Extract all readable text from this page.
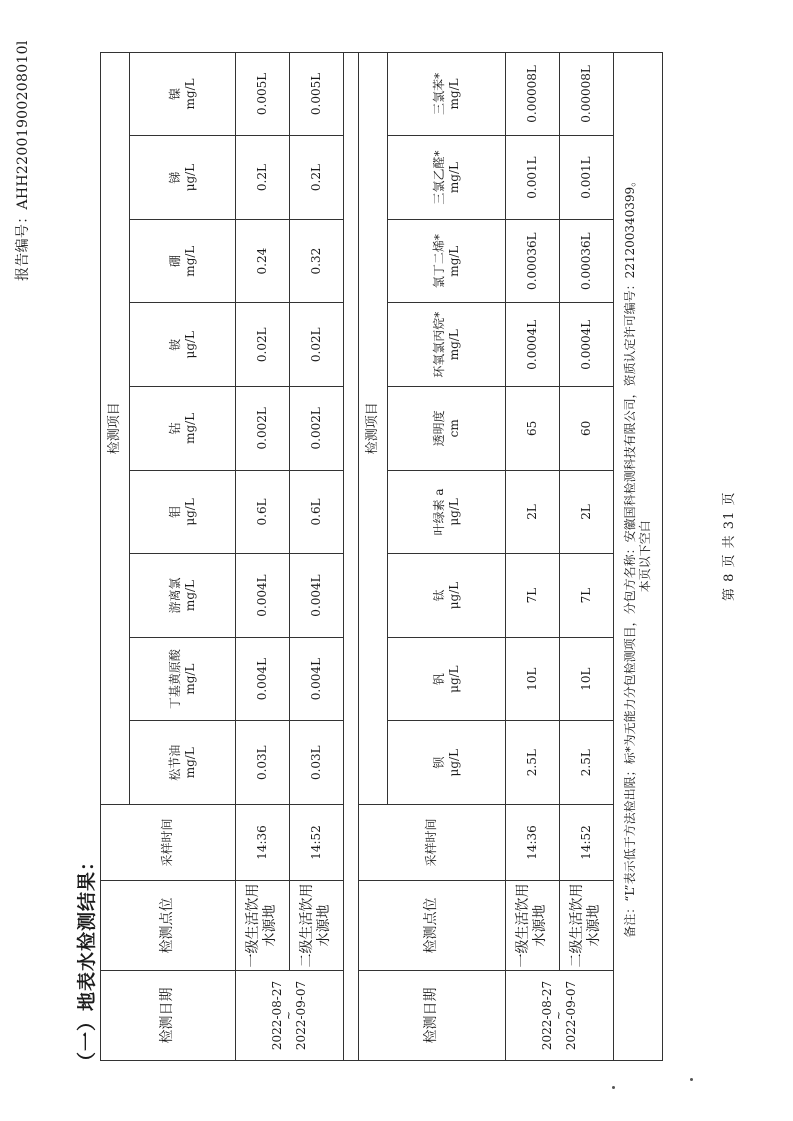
报告编号：AHH22001900208010l
（一）地表水检测结果：	检测日期	检测点位	采样时间	检测项目								

			松节油 mg/L	丁基黄原酸 mg/L	游离氯 mg/L	钼 μg/L	钴 mg/L	铍 μg/L	硼 mg/L	锑 μg/L	镍 mg/L

2022-08-27
~
2022-09-07	一级生活饮用水源地	14:36	0.03L	0.004L	0.004L	0.6L	0.002L	0.02L	0.24	0.2L	0.005L
	二级生活饮用水源地	14:52	0.03L	0.004L	0.004L	0.6L	0.002L	0.02L	0.32	0.2L	0.005L

检测日期	检测点位	采样时间	检测项目								

			钡 μg/L	钒 μg/L	钛 μg/L	叶绿素 a μg/L	透明度 cm	环氧氯丙烷* mg/L	氯丁二烯* mg/L	三氯乙醛* mg/L	三氯苯* mg/L

2022-08-27
~
2022-09-07	一级生活饮用水源地	14:36	2.5L	10L	7L	2L	65	0.0004L	0.00036L	0.001L	0.00008L
	二级生活饮用水源地	14:52	2.5L	10L	7L	2L	60	0.0004L	0.00036L	0.001L	0.00008L

备注：“L”表示低于方法检出限；标*为无能力分包检测项目，分包方名称：安徽国科检测科技有限公司，资质认定许可编号：221200340399。 本页以下空白												第 8 页 共 31 页
